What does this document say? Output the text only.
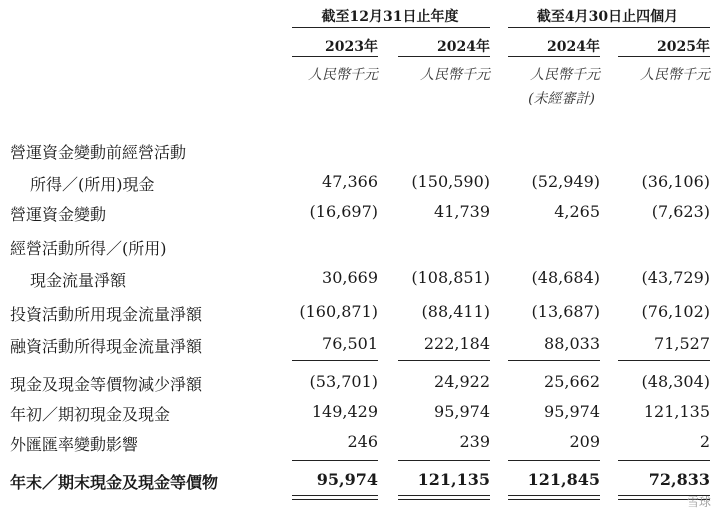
截至12月31日止年度	截至4月30日止四個月
2023年	2024年	2024年	2025年
人民幣千元	人民幣千元	人民幣千元	人民幣千元
(未經審計)
營運資金變動前經營活動
所得／(所用)現金	47,366	(150,590)	(52,949)	(36,106)
營運資金變動	(16,697)	41,739	4,265	(7,623)
經營活動所得／(所用)
現金流量淨額	30,669	(108,851)	(48,684)	(43,729)
投資活動所用現金流量淨額	(160,871)	(88,411)	(13,687)	(76,102)
融資活動所得現金流量淨額	76,501	222,184	88,033	71,527
現金及現金等價物減少淨額	(53,701)	24,922	25,662	(48,304)
年初／期初現金及現金	149,429	95,974	95,974	121,135
外匯匯率變動影響	246	239	209	2
年末／期末現金及現金等價物	95,974	121,135	121,845	72,833
雪球
